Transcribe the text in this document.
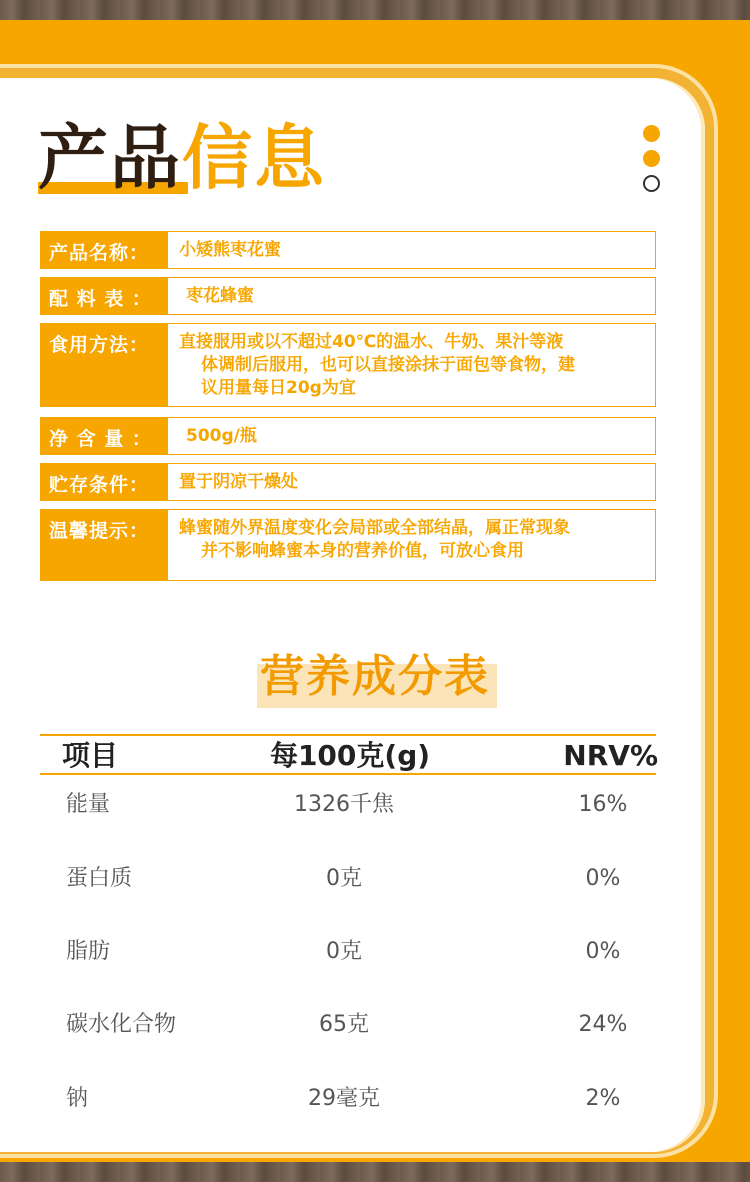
产品信息
产品名称：	小矮熊枣花蜜
配 料 表 ：	枣花蜂蜜
食用方法：	直接服用或以不超过40℃的温水、牛奶、果汁等液
体调制后服用，也可以直接涂抹于面包等食物，建
议用量每日20g为宜
净 含 量 ：	500g/瓶
贮存条件：	置于阴凉干燥处
温馨提示：	蜂蜜随外界温度变化会局部或全部结晶，属正常现象
并不影响蜂蜜本身的营养价值，可放心食用
营养成分表
项目	每100克(g)	NRV%
能量	1326千焦	16%
蛋白质	0克	0%
脂肪	0克	0%
碳水化合物	65克	24%
钠	29毫克	2%
